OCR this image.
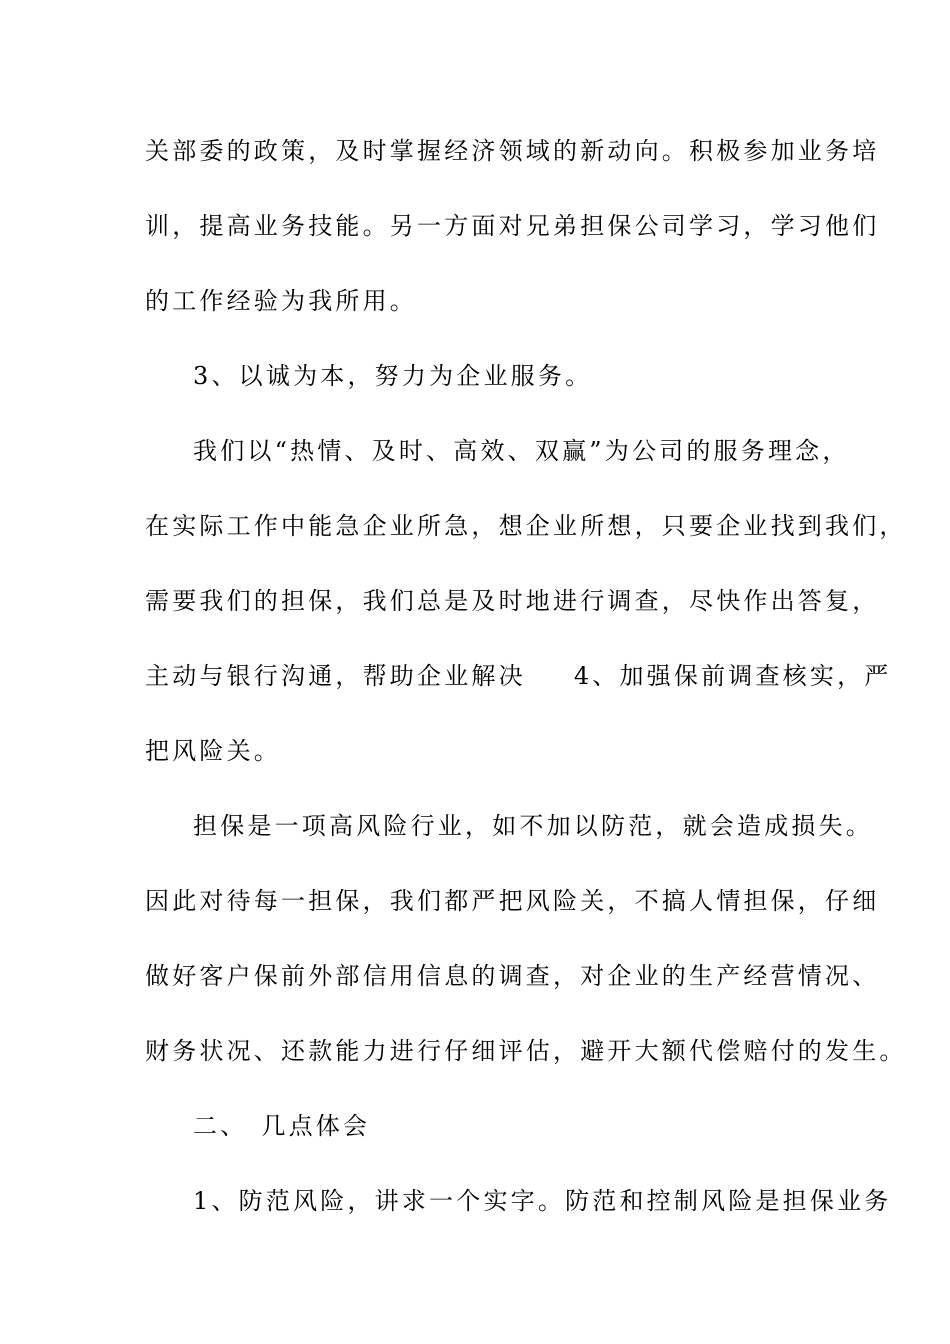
关部委的政策，及时掌握经济领域的新动向。积极参加业务培
训，提高业务技能。另一方面对兄弟担保公司学习，学习他们
的工作经验为我所用。
3、以诚为本，努力为企业服务。
我们以“热情、及时、高效、双赢”为公司的服务理念，
在实际工作中能急企业所急，想企业所想，只要企业找到我们，
需要我们的担保，我们总是及时地进行调查，尽快作出答复，
主动与银行沟通，帮助企业解决 4、加强保前调查核实，严
把风险关。
担保是一项高风险行业，如不加以防范，就会造成损失。
因此对待每一担保，我们都严把风险关，不搞人情担保，仔细
做好客户保前外部信用信息的调查，对企业的生产经营情况、
财务状况、还款能力进行仔细评估，避开大额代偿赔付的发生。
二、 几点体会
1、防范风险，讲求一个实字。防范和控制风险是担保业务
